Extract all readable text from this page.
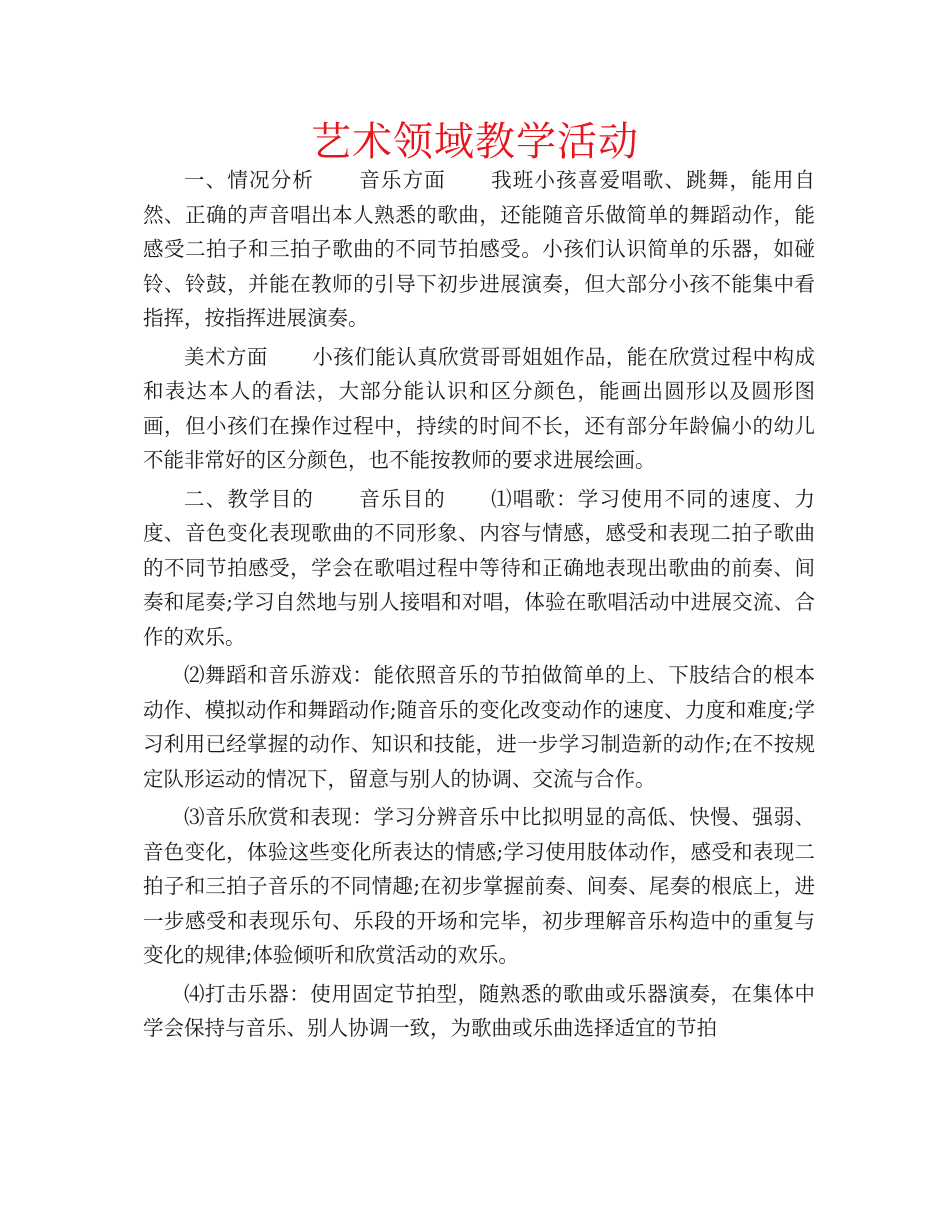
艺术领域教学活动

一、情况分析 音乐方面 我班小孩喜爱唱歌、跳舞，能用自然、正确的声音唱出本人熟悉的歌曲，还能随音乐做简单的舞蹈动作，能感受二拍子和三拍子歌曲的不同节拍感受。小孩们认识简单的乐器，如碰铃、铃鼓，并能在教师的引导下初步进展演奏，但大部分小孩不能集中看指挥，按指挥进展演奏。

美术方面 小孩们能认真欣赏哥哥姐姐作品，能在欣赏过程中构成和表达本人的看法，大部分能认识和区分颜色，能画出圆形以及圆形图画，但小孩们在操作过程中，持续的时间不长，还有部分年龄偏小的幼儿不能非常好的区分颜色，也不能按教师的要求进展绘画。

二、教学目的 音乐目的 ⑴唱歌：学习使用不同的速度、力度、音色变化表现歌曲的不同形象、内容与情感，感受和表现二拍子歌曲的不同节拍感受，学会在歌唱过程中等待和正确地表现出歌曲的前奏、间奏和尾奏;学习自然地与别人接唱和对唱，体验在歌唱活动中进展交流、合作的欢乐。

⑵舞蹈和音乐游戏：能依照音乐的节拍做简单的上、下肢结合的根本动作、模拟动作和舞蹈动作;随音乐的变化改变动作的速度、力度和难度;学习利用已经掌握的动作、知识和技能，进一步学习制造新的动作;在不按规定队形运动的情况下，留意与别人的协调、交流与合作。

⑶音乐欣赏和表现：学习分辨音乐中比拟明显的高低、快慢、强弱、音色变化，体验这些变化所表达的情感;学习使用肢体动作，感受和表现二拍子和三拍子音乐的不同情趣;在初步掌握前奏、间奏、尾奏的根底上，进一步感受和表现乐句、乐段的开场和完毕，初步理解音乐构造中的重复与变化的规律;体验倾听和欣赏活动的欢乐。

⑷打击乐器：使用固定节拍型，随熟悉的歌曲或乐器演奏，在集体中学会保持与音乐、别人协调一致，为歌曲或乐曲选择适宜的节拍
